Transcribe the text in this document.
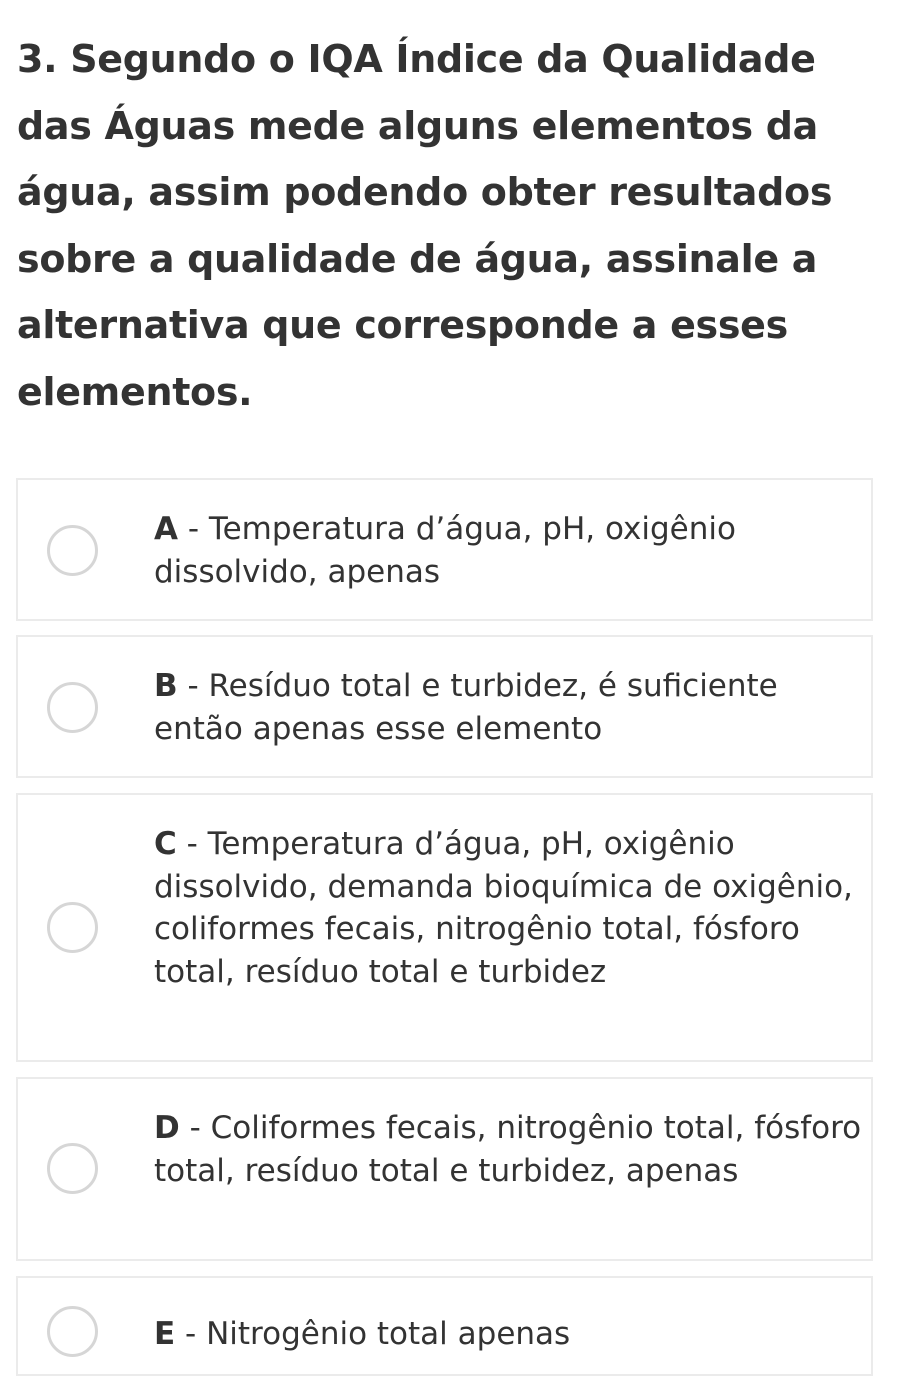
3. Segundo o IQA Índice da Qualidade das Águas mede alguns elementos da água, assim podendo obter resultados sobre a qualidade de água, assinale a alternativa que corresponde a esses elementos.

A - Temperatura d’água, pH, oxigênio dissolvido, apenas
B - Resíduo total e turbidez, é suficiente então apenas esse elemento
C - Temperatura d’água, pH, oxigênio dissolvido, demanda bioquímica de oxigênio, coliformes fecais, nitrogênio total, fósforo total, resíduo total e turbidez
D - Coliformes fecais, nitrogênio total, fósforo total, resíduo total e turbidez, apenas
E - Nitrogênio total apenas
